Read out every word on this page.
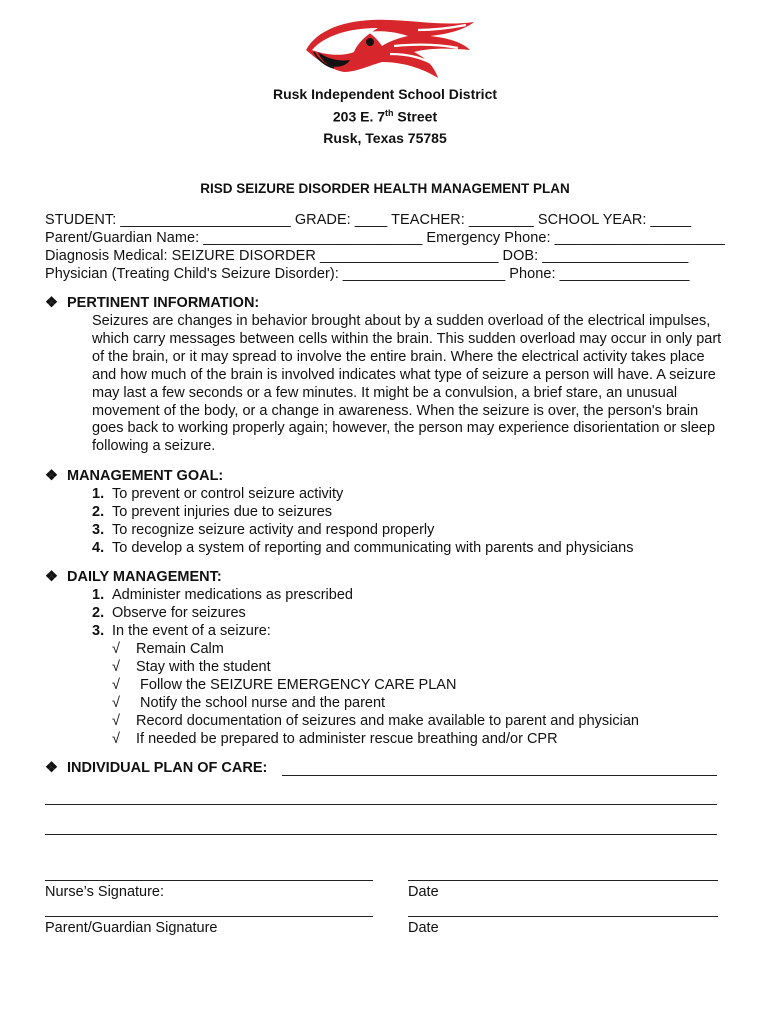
Rusk Independent School District
203 E. 7th Street
Rusk, Texas 75785
RISD SEIZURE DISORDER HEALTH MANAGEMENT PLAN
STUDENT: _____________________ GRADE: ____ TEACHER: ________ SCHOOL YEAR: _____
Parent/Guardian Name: ___________________________ Emergency Phone: _____________________
Diagnosis Medical: SEIZURE DISORDER ______________________ DOB: __________________
Physician (Treating Child's Seizure Disorder): ____________________ Phone: ________________
❖ PERTINENT INFORMATION:
Seizures are changes in behavior brought about by a sudden overload of the electrical impulses, which carry messages between cells within the brain. This sudden overload may occur in only part of the brain, or it may spread to involve the entire brain. Where the electrical activity takes place and how much of the brain is involved indicates what type of seizure a person will have. A seizure may last a few seconds or a few minutes. It might be a convulsion, a brief stare, an unusual movement of the body, or a change in awareness. When the seizure is over, the person's brain goes back to working properly again; however, the person may experience disorientation or sleep following a seizure.
❖ MANAGEMENT GOAL:
1. To prevent or control seizure activity
2. To prevent injuries due to seizures
3. To recognize seizure activity and respond properly
4. To develop a system of reporting and communicating with parents and physicians
❖ DAILY MANAGEMENT:
1. Administer medications as prescribed
2. Observe for seizures
3. In the event of a seizure:
√ Remain Calm
√ Stay with the student
√ Follow the SEIZURE EMERGENCY CARE PLAN
√ Notify the school nurse and the parent
√ Record documentation of seizures and make available to parent and physician
√ If needed be prepared to administer rescue breathing and/or CPR
❖ INDIVIDUAL PLAN OF CARE:
Nurse’s Signature:	Date
Parent/Guardian Signature	Date
